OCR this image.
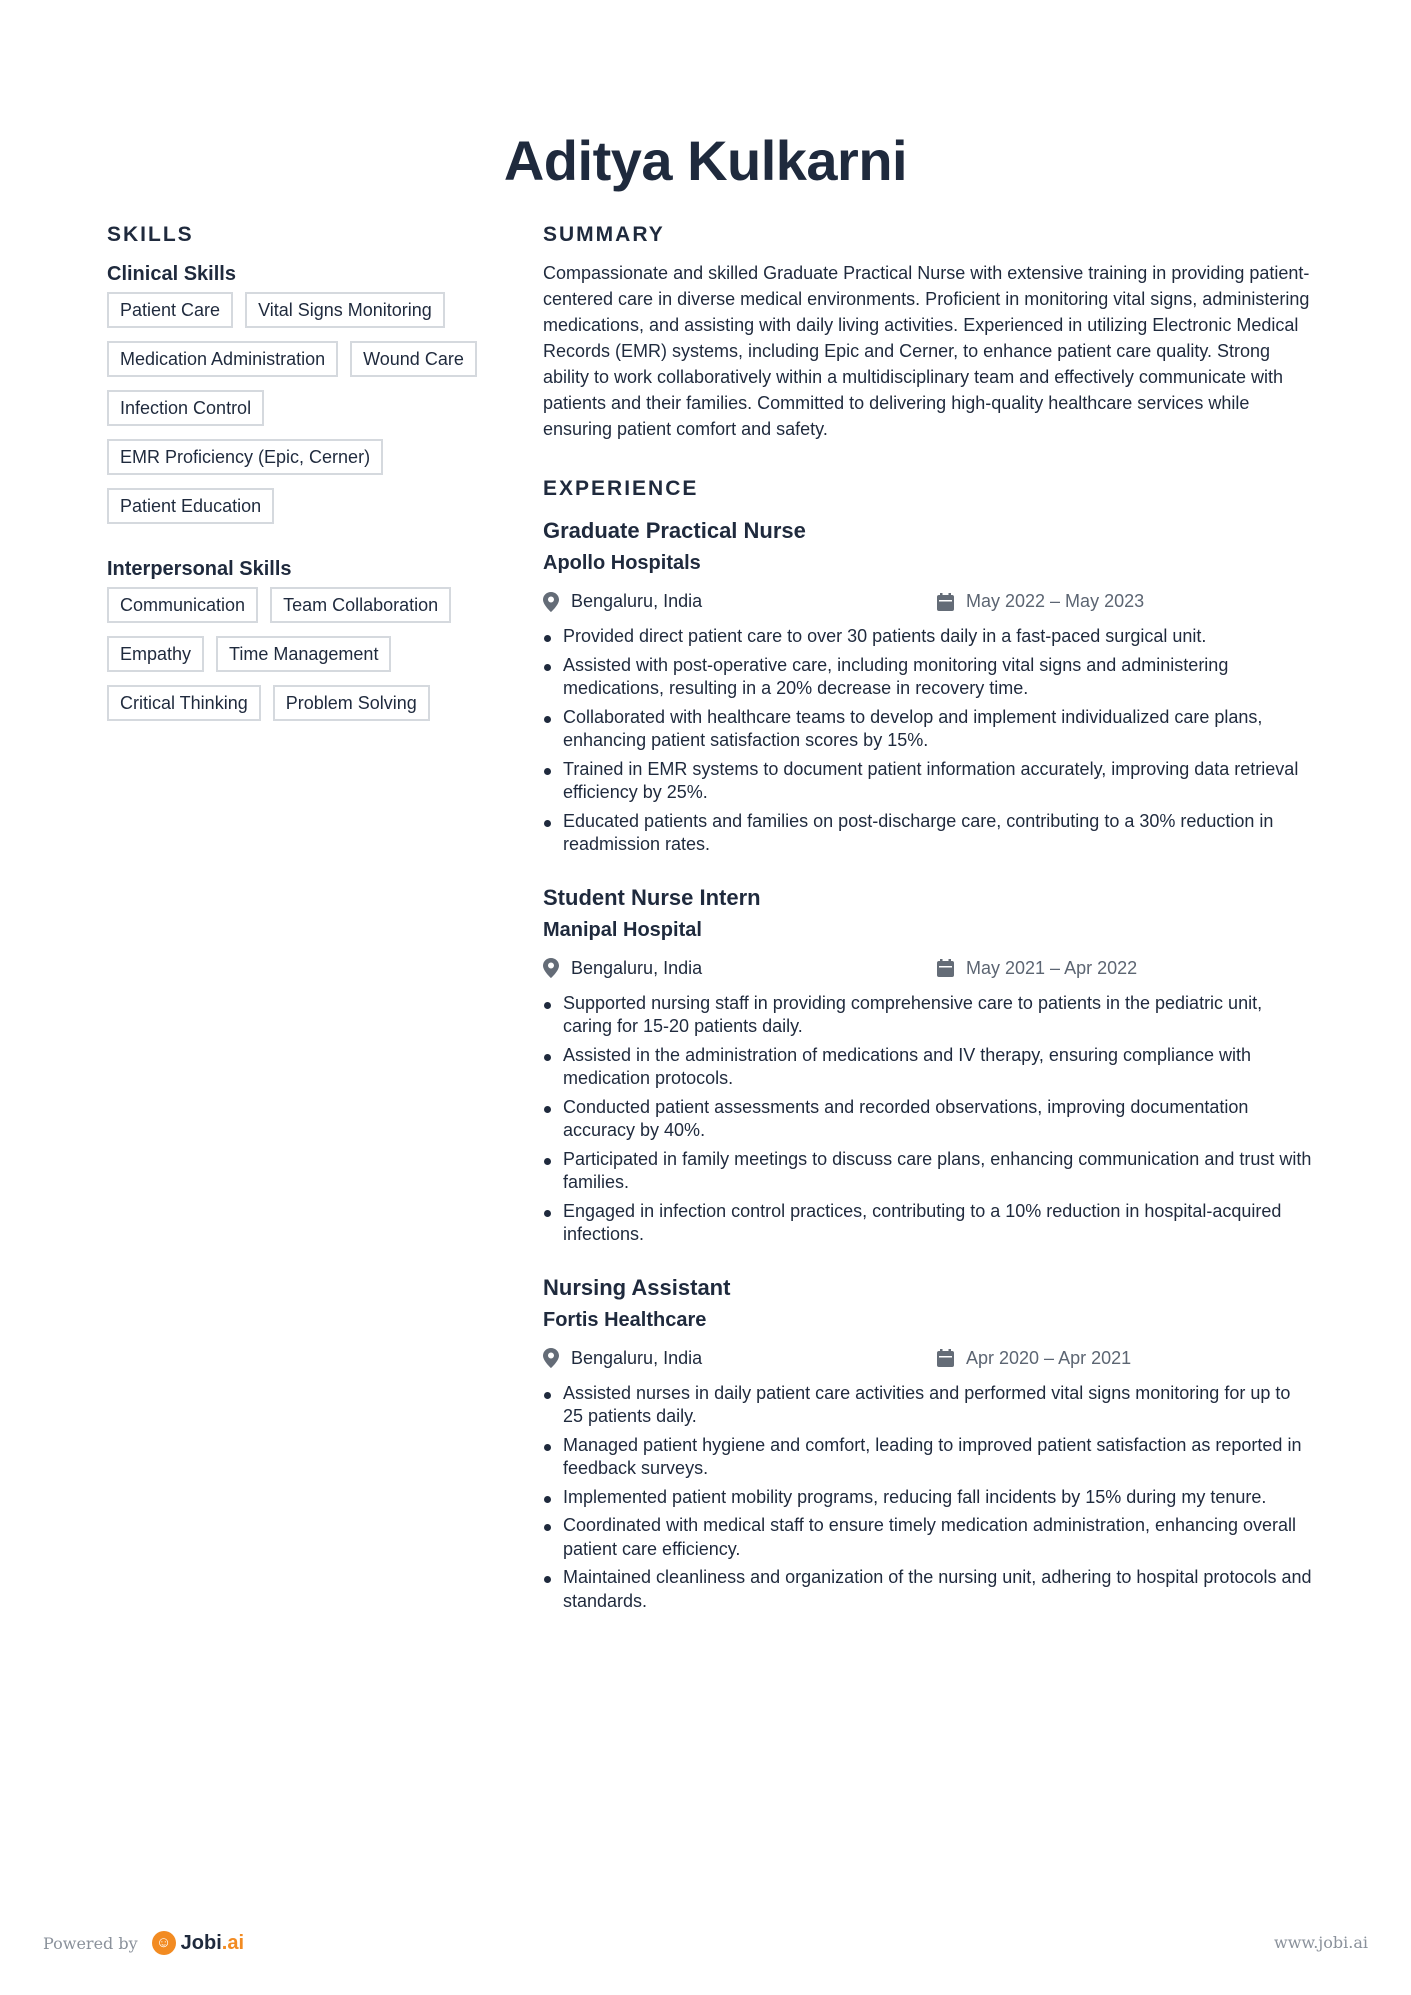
Aditya Kulkarni
SKILLS
Clinical Skills
Patient Care	Vital Signs Monitoring
Medication Administration	Wound Care
Infection Control
EMR Proficiency (Epic, Cerner)
Patient Education
Interpersonal Skills
Communication	Team Collaboration
Empathy	Time Management
Critical Thinking	Problem Solving
SUMMARY
Compassionate and skilled Graduate Practical Nurse with extensive training in providing patient-centered care in diverse medical environments. Proficient in monitoring vital signs, administering medications, and assisting with daily living activities. Experienced in utilizing Electronic Medical Records (EMR) systems, including Epic and Cerner, to enhance patient care quality. Strong ability to work collaboratively within a multidisciplinary team and effectively communicate with patients and their families. Committed to delivering high-quality healthcare services while ensuring patient comfort and safety.
EXPERIENCE
Graduate Practical Nurse
Apollo Hospitals
Bengaluru, India	May 2022 – May 2023
Provided direct patient care to over 30 patients daily in a fast-paced surgical unit.
Assisted with post-operative care, including monitoring vital signs and administering medications, resulting in a 20% decrease in recovery time.
Collaborated with healthcare teams to develop and implement individualized care plans, enhancing patient satisfaction scores by 15%.
Trained in EMR systems to document patient information accurately, improving data retrieval efficiency by 25%.
Educated patients and families on post-discharge care, contributing to a 30% reduction in readmission rates.
Student Nurse Intern
Manipal Hospital
Bengaluru, India	May 2021 – Apr 2022
Supported nursing staff in providing comprehensive care to patients in the pediatric unit, caring for 15-20 patients daily.
Assisted in the administration of medications and IV therapy, ensuring compliance with medication protocols.
Conducted patient assessments and recorded observations, improving documentation accuracy by 40%.
Participated in family meetings to discuss care plans, enhancing communication and trust with families.
Engaged in infection control practices, contributing to a 10% reduction in hospital-acquired infections.
Nursing Assistant
Fortis Healthcare
Bengaluru, India	Apr 2020 – Apr 2021
Assisted nurses in daily patient care activities and performed vital signs monitoring for up to 25 patients daily.
Managed patient hygiene and comfort, leading to improved patient satisfaction as reported in feedback surveys.
Implemented patient mobility programs, reducing fall incidents by 15% during my tenure.
Coordinated with medical staff to ensure timely medication administration, enhancing overall patient care efficiency.
Maintained cleanliness and organization of the nursing unit, adhering to hospital protocols and standards.
Powered by ☺ Jobi.ai	www.jobi.ai
